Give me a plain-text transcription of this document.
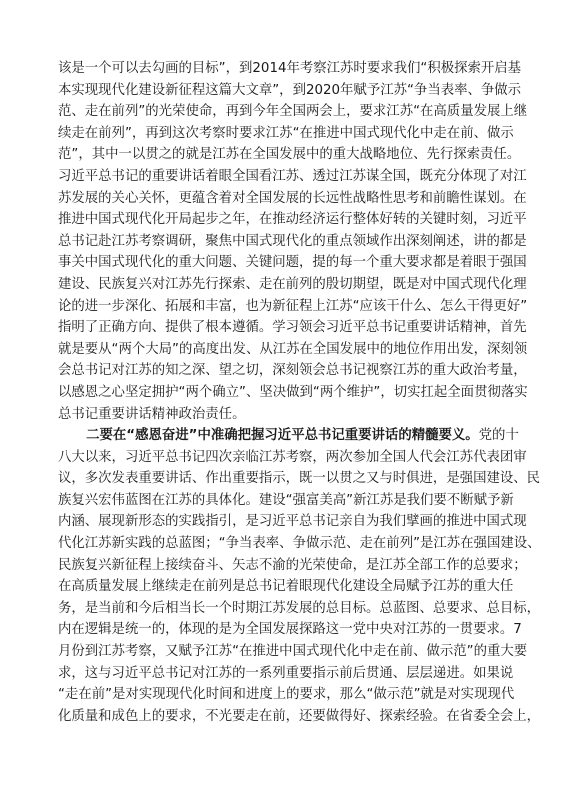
该是一个可以去勾画的目标”，到2014年考察江苏时要求我们“积极探索开启基
本实现现代化建设新征程这篇大文章”，到2020年赋予江苏“争当表率、争做示
范、走在前列”的光荣使命，再到今年全国两会上，要求江苏“在高质量发展上继
续走在前列”，再到这次考察时要求江苏“在推进中国式现代化中走在前、做示
范”，其中一以贯之的就是江苏在全国发展中的重大战略地位、先行探索责任。
习近平总书记的重要讲话着眼全国看江苏、透过江苏谋全国，既充分体现了对江
苏发展的关心关怀，更蕴含着对全国发展的长远性战略性思考和前瞻性谋划。在
推进中国式现代化开局起步之年，在推动经济运行整体好转的关键时刻，习近平
总书记赴江苏考察调研，聚焦中国式现代化的重点领域作出深刻阐述，讲的都是
事关中国式现代化的重大问题、关键问题，提的每一个重大要求都是着眼于强国
建设、民族复兴对江苏先行探索、走在前列的殷切期望，既是对中国式现代化理
论的进一步深化、拓展和丰富，也为新征程上江苏“应该干什么、怎么干得更好”
指明了正确方向、提供了根本遵循。学习领会习近平总书记重要讲话精神，首先
就是要从“两个大局”的高度出发、从江苏在全国发展中的地位作用出发，深刻领
会总书记对江苏的知之深、望之切，深刻领会总书记视察江苏的重大政治考量，
以感恩之心坚定拥护“两个确立”、坚决做到“两个维护”，切实扛起全面贯彻落实
总书记重要讲话精神政治责任。
二要在“感恩奋进”中准确把握习近平总书记重要讲话的精髓要义。党的十
八大以来，习近平总书记四次亲临江苏考察，两次参加全国人代会江苏代表团审
议，多次发表重要讲话、作出重要指示，既一以贯之又与时俱进，是强国建设、民
族复兴宏伟蓝图在江苏的具体化。建设“强富美高”新江苏是我们要不断赋予新
内涵、展现新形态的实践指引，是习近平总书记亲自为我们擘画的推进中国式现
代化江苏新实践的总蓝图；“争当表率、争做示范、走在前列”是江苏在强国建设、
民族复兴新征程上接续奋斗、矢志不渝的光荣使命，是江苏全部工作的总要求；
在高质量发展上继续走在前列是总书记着眼现代化建设全局赋予江苏的重大任
务，是当前和今后相当长一个时期江苏发展的总目标。总蓝图、总要求、总目标，
内在逻辑是统一的，体现的是为全国发展探路这一党中央对江苏的一贯要求。7
月份到江苏考察，又赋予江苏“在推进中国式现代化中走在前、做示范”的重大要
求，这与习近平总书记对江苏的一系列重要指示前后贯通、层层递进。如果说
“走在前”是对实现现代化时间和进度上的要求，那么“做示范”就是对实现现代
化质量和成色上的要求，不光要走在前，还要做得好、探索经验。在省委全会上，
